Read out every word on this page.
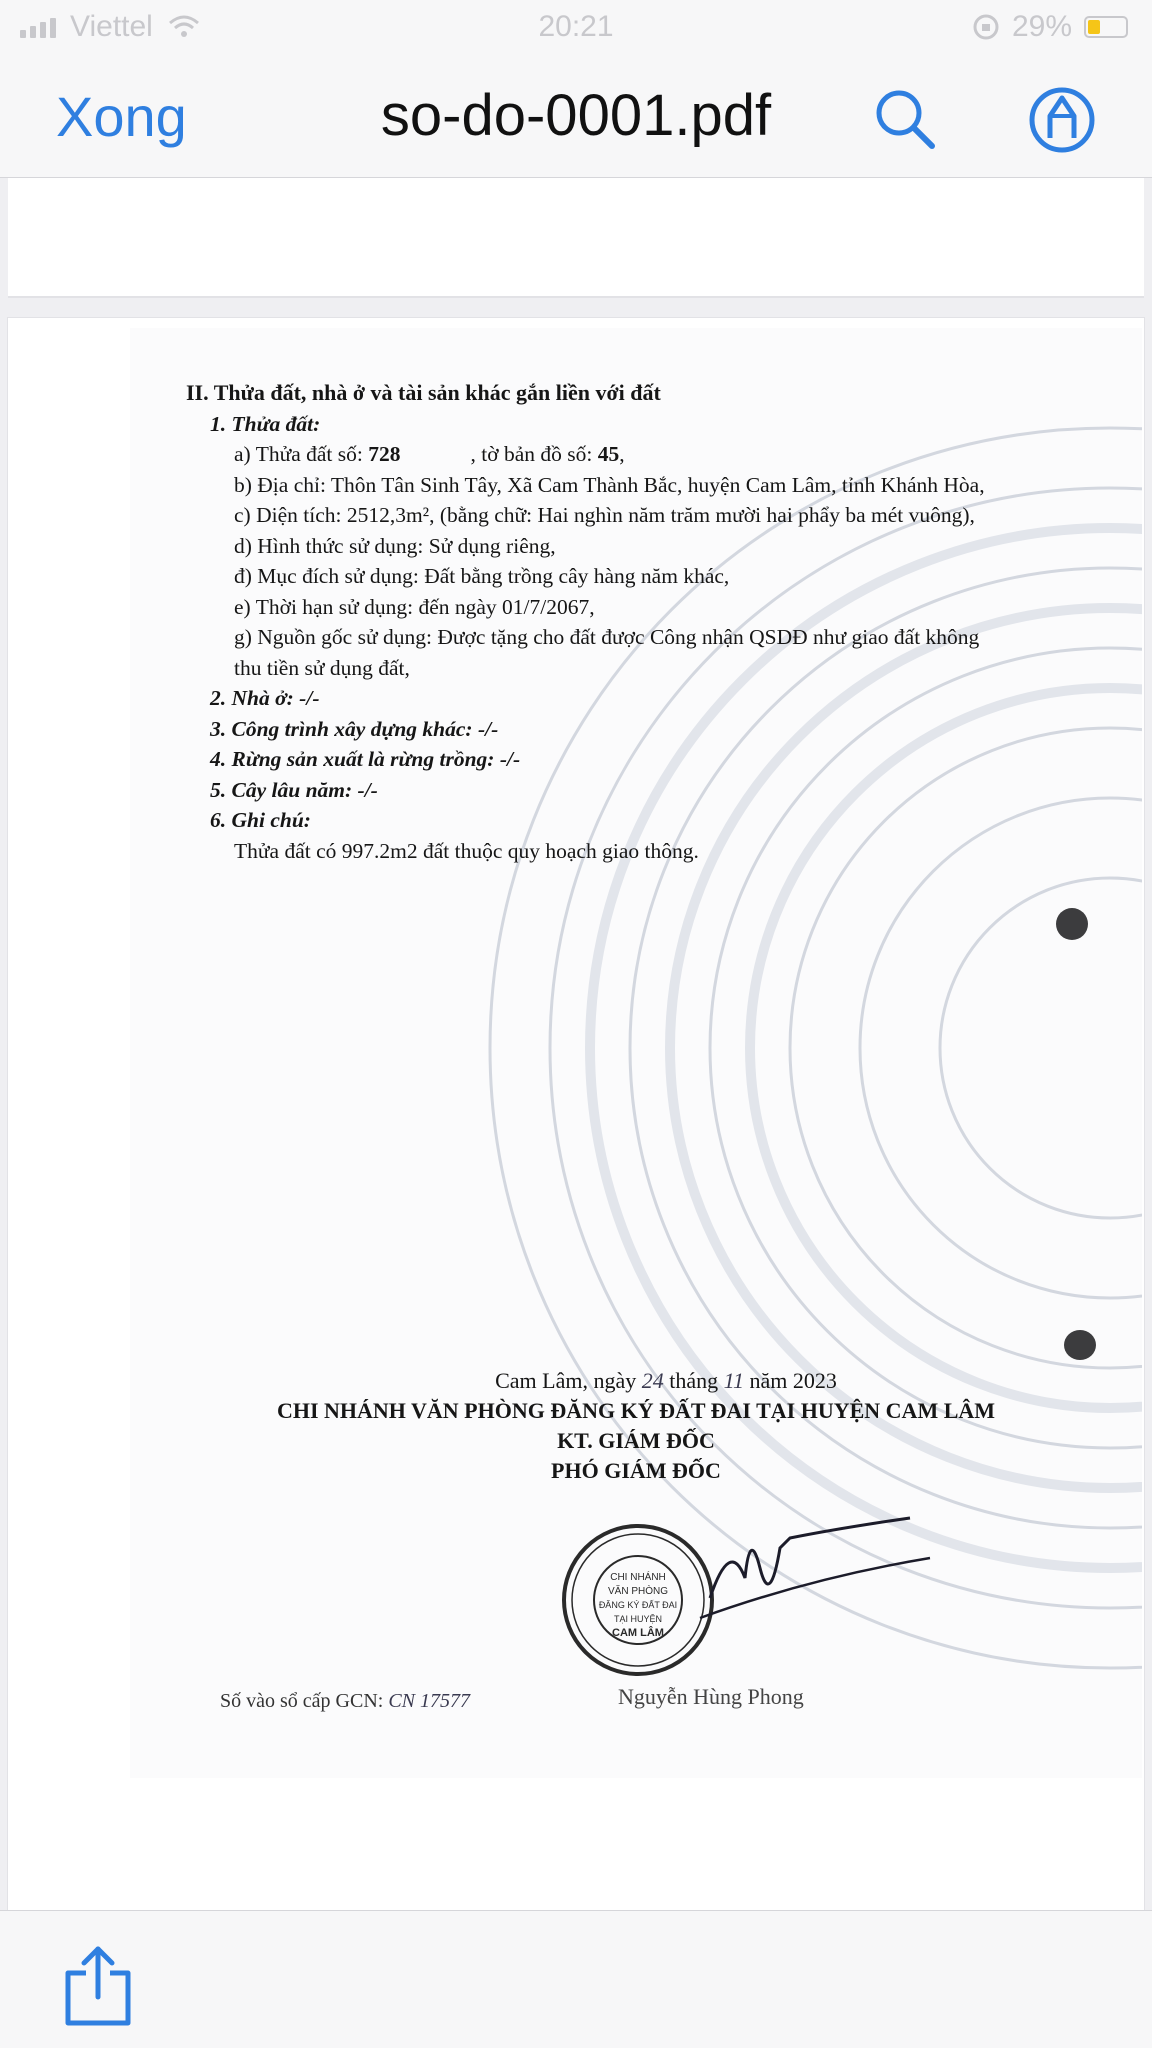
Viettel	20:21	29%
Xong	so-do-0001.pdf
II. Thửa đất, nhà ở và tài sản khác gắn liền với đất
1. Thửa đất:
a) Thửa đất số: 728	, tờ bản đồ số: 45,
b) Địa chỉ: Thôn Tân Sinh Tây, Xã Cam Thành Bắc, huyện Cam Lâm, tỉnh Khánh Hòa,
c) Diện tích: 2512,3m², (bằng chữ: Hai nghìn năm trăm mười hai phẩy ba mét vuông),
d) Hình thức sử dụng: Sử dụng riêng,
đ) Mục đích sử dụng: Đất bằng trồng cây hàng năm khác,
e) Thời hạn sử dụng: đến ngày 01/7/2067,
g) Nguồn gốc sử dụng: Được tặng cho đất được Công nhận QSDĐ như giao đất không
thu tiền sử dụng đất,
2. Nhà ở: -/-
3. Công trình xây dựng khác: -/-
4. Rừng sản xuất là rừng trồng: -/-
5. Cây lâu năm: -/-
6. Ghi chú:
Thửa đất có 997.2m2 đất thuộc quy hoạch giao thông.
Cam Lâm, ngày 24 tháng 11 năm 2023
CHI NHÁNH VĂN PHÒNG ĐĂNG KÝ ĐẤT ĐAI TẠI HUYỆN CAM LÂM
KT. GIÁM ĐỐC
PHÓ GIÁM ĐỐC
CHI NHÁNH
VĂN PHÒNG
ĐĂNG KÝ ĐẤT ĐAI
TẠI HUYỆN
CAM LÂM
Số vào sổ cấp GCN: CN 17577	Nguyễn Hùng Phong
